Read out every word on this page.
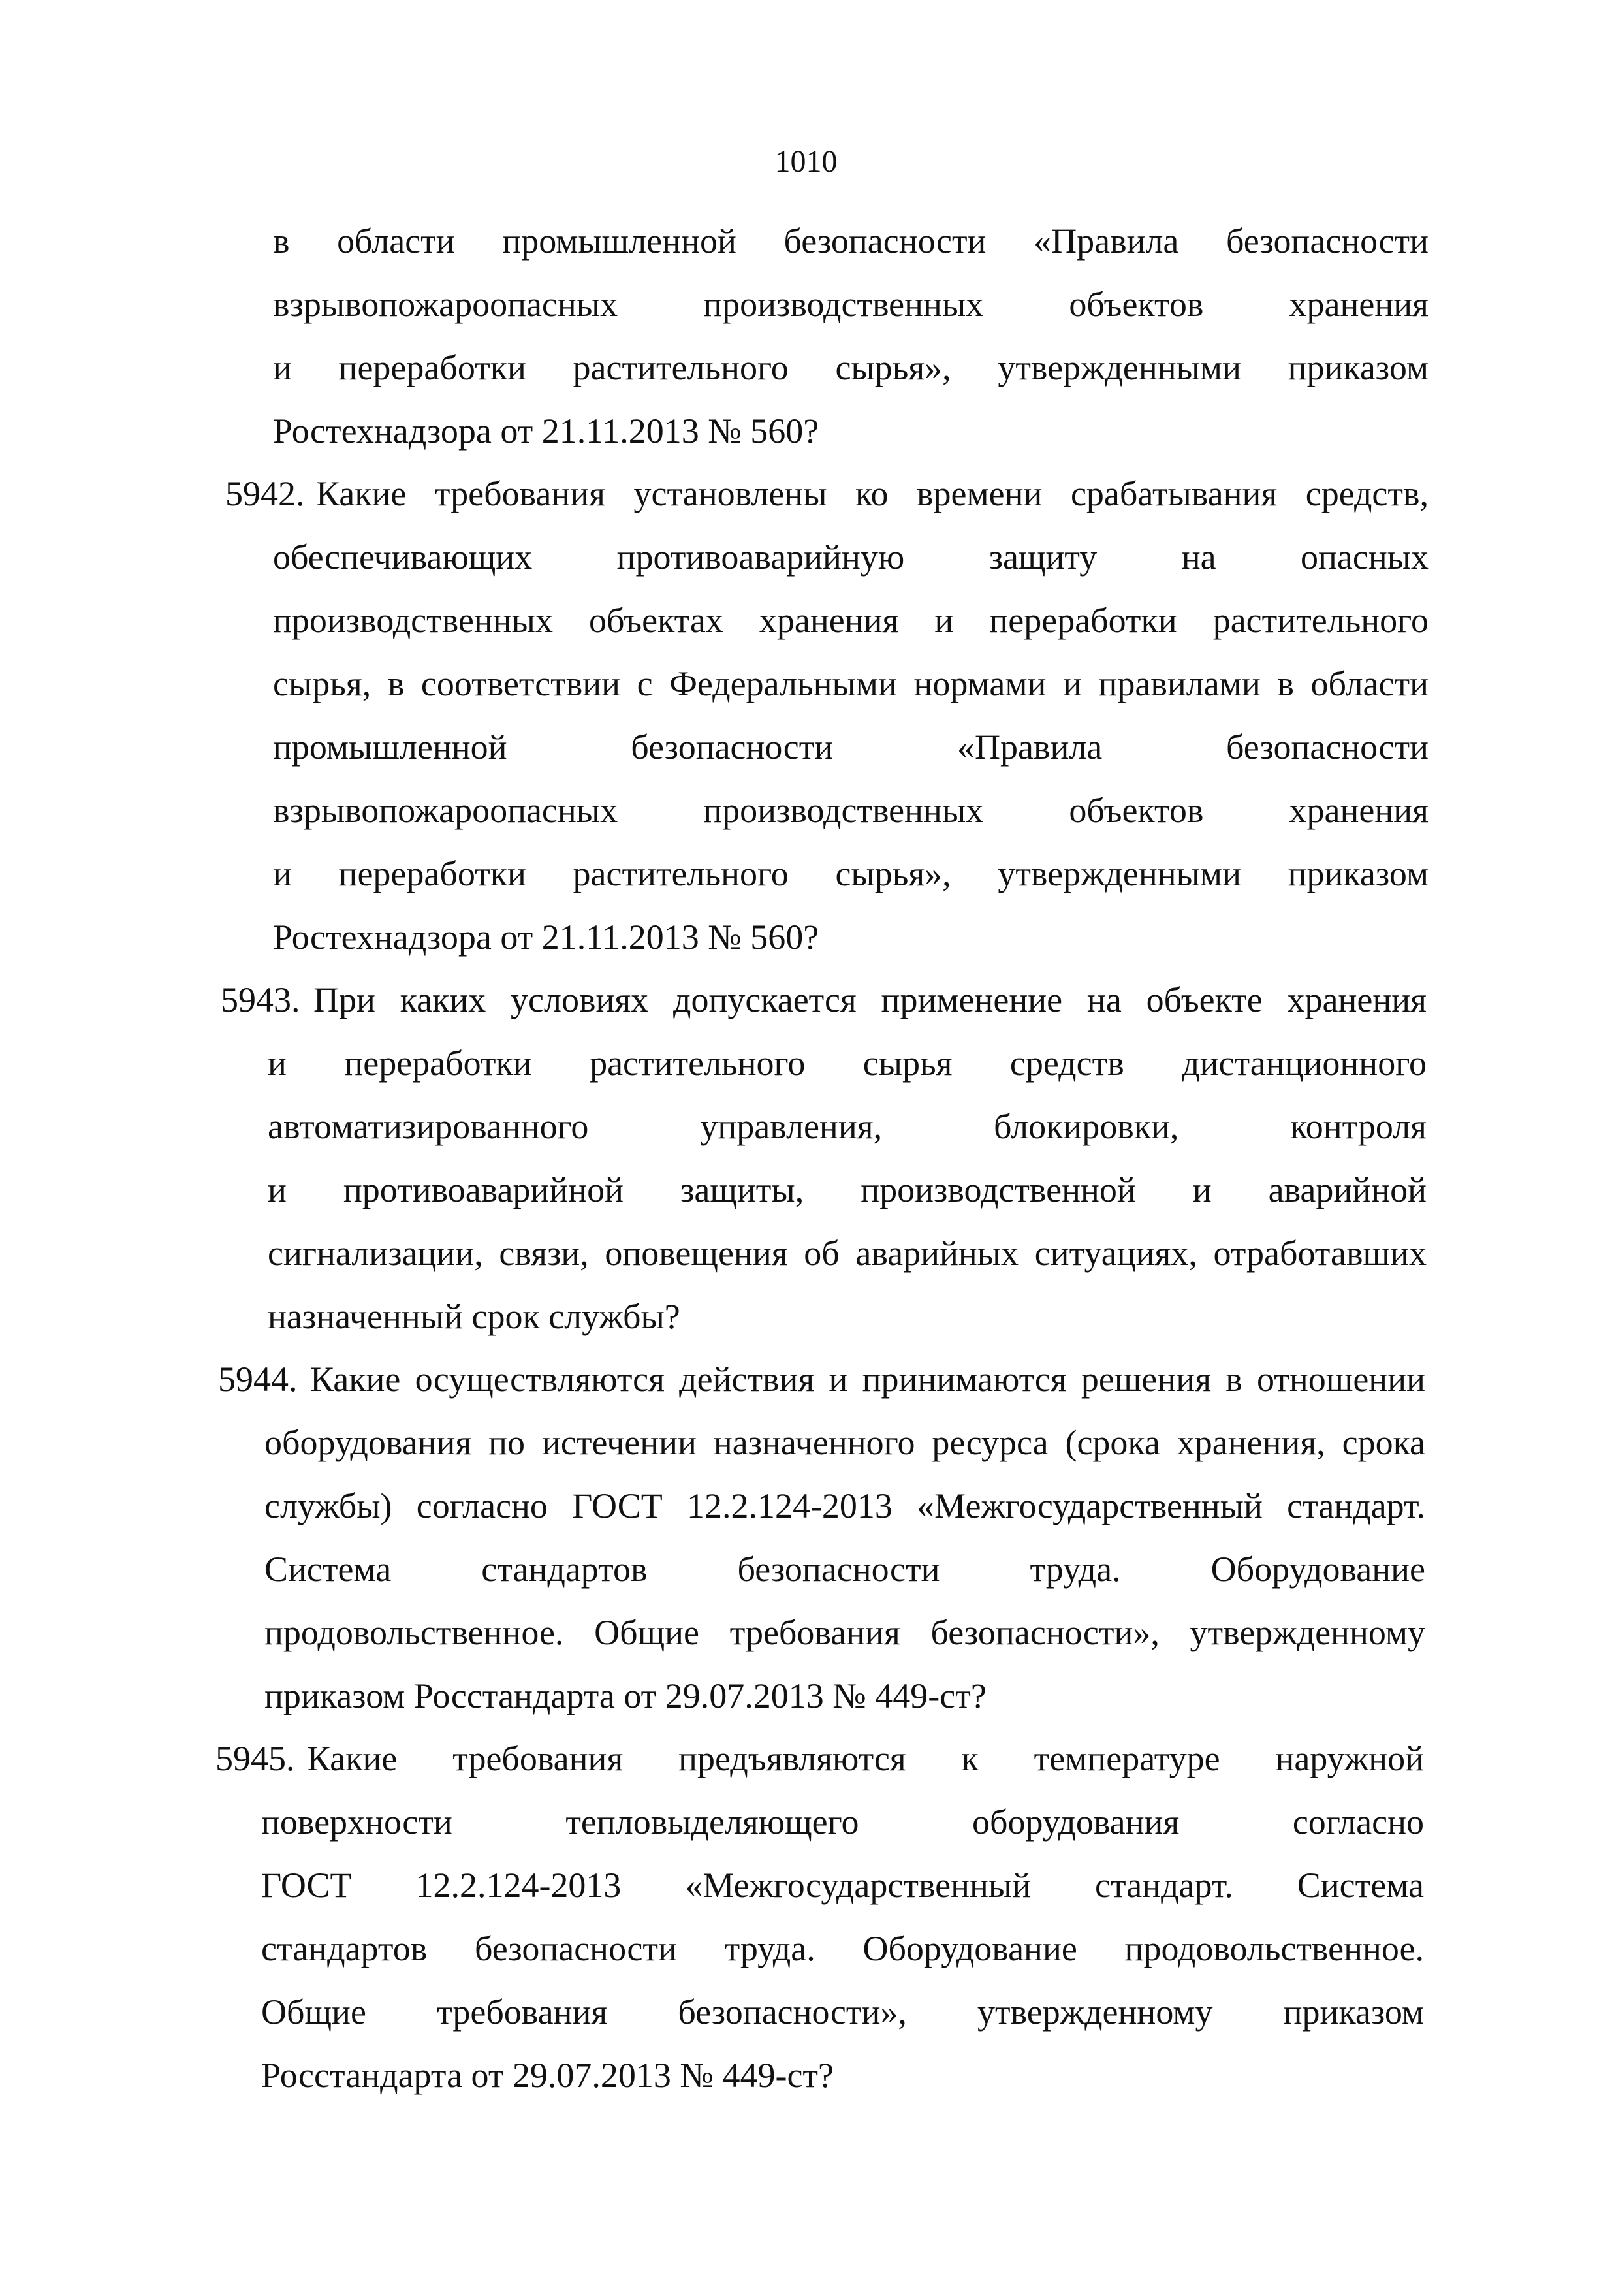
1010
в области промышленной безопасности «Правила безопасности
взрывопожароопасных производственных объектов хранения
и переработки растительного сырья», утвержденными приказом
Ростехнадзора от 21.11.2013 № 560?
5942. Какие требования установлены ко времени срабатывания средств,
обеспечивающих противоаварийную защиту на опасных
производственных объектах хранения и переработки растительного
сырья, в соответствии с Федеральными нормами и правилами в области
промышленной безопасности «Правила безопасности
взрывопожароопасных производственных объектов хранения
и переработки растительного сырья», утвержденными приказом
Ростехнадзора от 21.11.2013 № 560?
5943. При каких условиях допускается применение на объекте хранения
и переработки растительного сырья средств дистанционного
автоматизированного управления, блокировки, контроля
и противоаварийной защиты, производственной и аварийной
сигнализации, связи, оповещения об аварийных ситуациях, отработавших
назначенный срок службы?
5944. Какие осуществляются действия и принимаются решения в отношении
оборудования по истечении назначенного ресурса (срока хранения, срока
службы) согласно ГОСТ 12.2.124-2013 «Межгосударственный стандарт.
Система стандартов безопасности труда. Оборудование
продовольственное. Общие требования безопасности», утвержденному
приказом Росстандарта от 29.07.2013 № 449-ст?
5945. Какие требования предъявляются к температуре наружной
поверхности тепловыделяющего оборудования согласно
ГОСТ 12.2.124-2013 «Межгосударственный стандарт. Система
стандартов безопасности труда. Оборудование продовольственное.
Общие требования безопасности», утвержденному приказом
Росстандарта от 29.07.2013 № 449-ст?
